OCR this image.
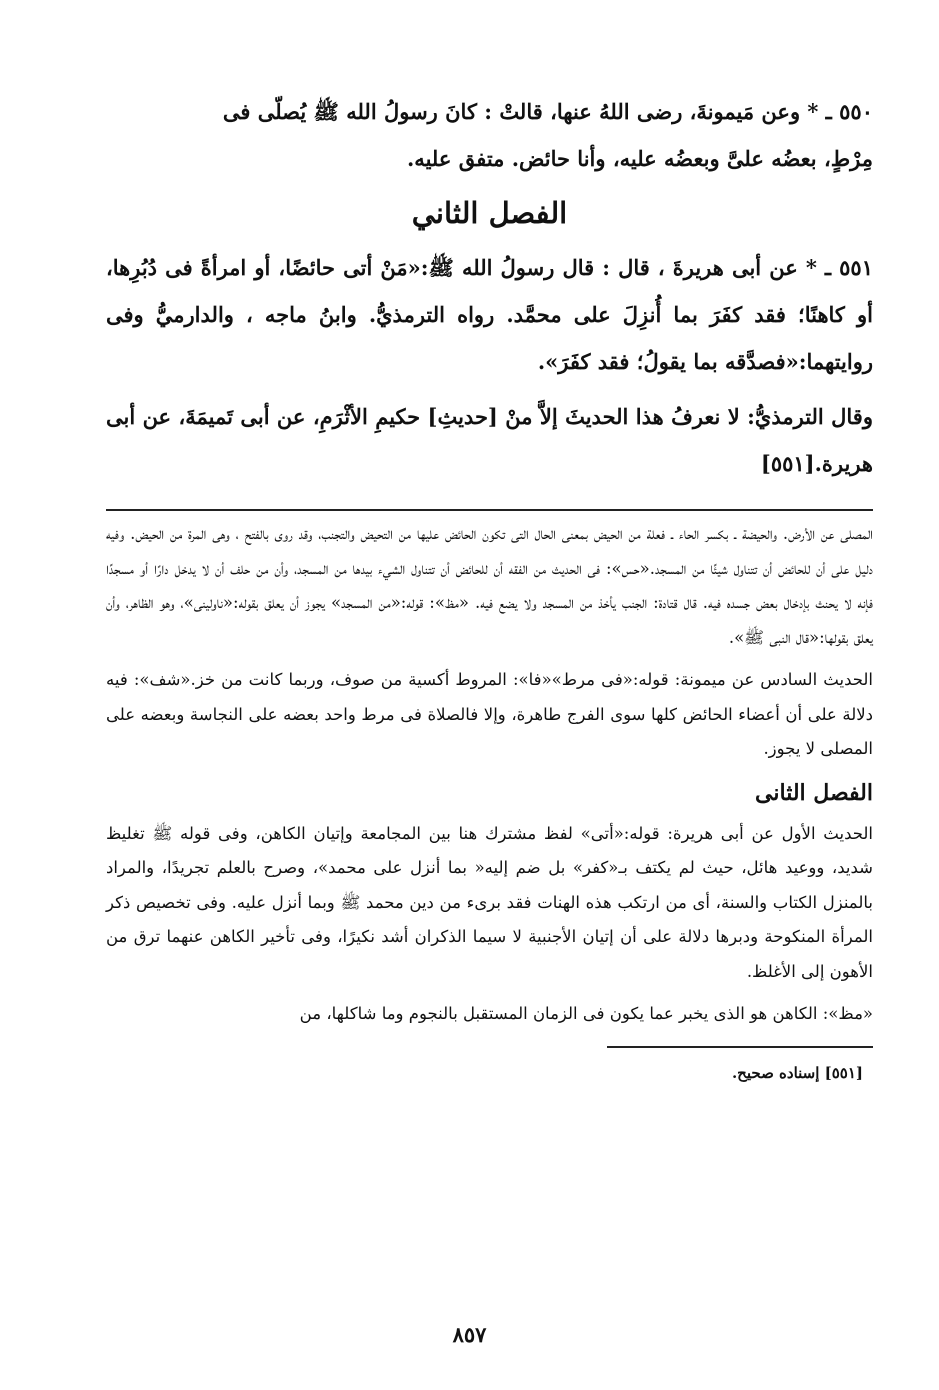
٥٥٠ ـ * وعن مَيمونةَ، رضى اللهُ عنها، قالتْ : كانَ رسولُ الله ﷺ يُصلّى فى
مِرْطٍ، بعضُه علىَّ وبعضُه عليه، وأنا حائض. متفق عليه.

الفصل الثاني

٥٥١ ـ * عن أبى هريرةَ ، قال : قال رسولُ الله ﷺ:«مَنْ أتى حائضًا، أو امرأةً فى دُبُرِها، أو كاهنًا؛ فقد كفَرَ بما أُنزِلَ على محمَّد. رواه الترمذيُّ. وابنُ ماجه ، والدارميُّ وفى روايتهما:«فصدَّقه بما يقولُ؛ فقد كفَرَ».

وقال الترمذيُّ: لا نعرفُ هذا الحديثَ إلاَّ منْ [حديثِ] حكيمِ الأثْرَمِ، عن أبى تَميمَةَ، عن أبى هريرة.[٥٥١]

المصلى عن الأرض. والحيضة ـ بكسر الحاء ـ فعلة من الحيض بمعنى الحال التى تكون الحائض عليها من التحيض والتجنب، وقد روى بالفتح ، وهى المرة من الحيض. وفيه دليل على أن للحائض أن تتناول شيئًا من المسجد.«حس»: فى الحديث من الفقه أن للحائض أن تتناول الشيء بيدها من المسجد، وأن من حلف أن لا يدخل دارًا أو مسجدًا فإنه لا يحنث بإدخال بعض جسده فيه. قال قتادة: الجنب يأخذ من المسجد ولا يضع فيه. «مظ»: قوله:«من المسجد» يجوز أن يعلق بقوله:«ناولينى»، وهو الظاهر، وأن يعلق بقولها:«قال النبى ﷺ».

الحديث السادس عن ميمونة: قوله:«فى مرط»«فا»: المروط أكسية من صوف، وربما كانت من خز.«شف»: فيه دلالة على أن أعضاء الحائض كلها سوى الفرج طاهرة، وإلا فالصلاة فى مرط واحد بعضه على النجاسة وبعضه على المصلى لا يجوز.

الفصل الثانى

الحديث الأول عن أبى هريرة: قوله:«أتى» لفظ مشترك هنا بين المجامعة وإتيان الكاهن، وفى قوله ﷺ تغليظ شديد، ووعيد هائل، حيث لم يكتف بـ«كفر» بل ضم إليه« بما أنزل على محمد»، وصرح بالعلم تجريدًا، والمراد بالمنزل الكتاب والسنة، أى من ارتكب هذه الهنات فقد برىء من دين محمد ﷺ وبما أنزل عليه. وفى تخصيص ذكر المرأة المنكوحة ودبرها دلالة على أن إتيان الأجنبية لا سيما الذكران أشد نكيرًا، وفى تأخير الكاهن عنهما ترق من الأهون إلى الأغلظ.

«مظ»: الكاهن هو الذى يخبر عما يكون فى الزمان المستقبل بالنجوم وما شاكلها، من

[٥٥١] إسناده صحيح.
٨٥٧
